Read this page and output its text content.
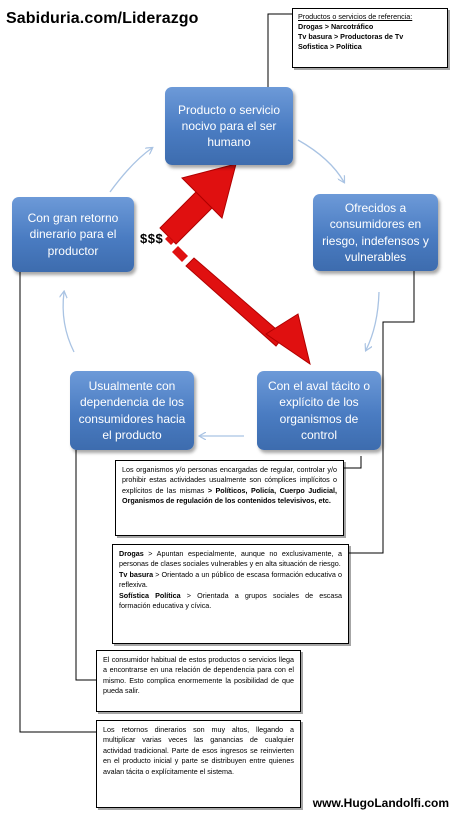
Sabiduria.com/Liderazgo	Productos o servicios de referencia:
Drogas > Narcotráfico
Tv basura > Productoras de Tv
Sofistica > Política
Producto o servicio nocivo para el ser humano
Ofrecidos a consumidores en riesgo, indefensos y vulnerables
Con el aval tácito o explícito de los organismos de control
Usualmente con dependencia de los consumidores hacia el producto
Con gran retorno dinerario para el productor
$$$
Los organismos y/o personas encargadas de regular, controlar y/o prohibir estas actividades usualmente son cómplices implícitos o explícitos de las mismas > Políticos, Policía, Cuerpo Judicial, Organismos de regulación de los contenidos televisivos, etc.
Drogas > Apuntan especialmente, aunque no exclusivamente, a personas de clases sociales vulnerables y en alta situación de riesgo.
Tv basura > Orientado a un público de escasa formación educativa o reflexiva.
Sofística Política > Orientada a grupos sociales de escasa formación educativa y cívica.
El consumidor habitual de estos productos o servicios llega a encontrarse en una relación de dependencia para con el mismo. Esto complica enormemente la posibilidad de que pueda salir.
Los retornos dinerarios son muy altos, llegando a multiplicar varias veces las ganancias de cualquier actividad tradicional. Parte de esos ingresos se reinvierten en el producto inicial y parte se distribuyen entre quienes avalan tácita o explícitamente el sistema.
www.HugoLandolfi.com
